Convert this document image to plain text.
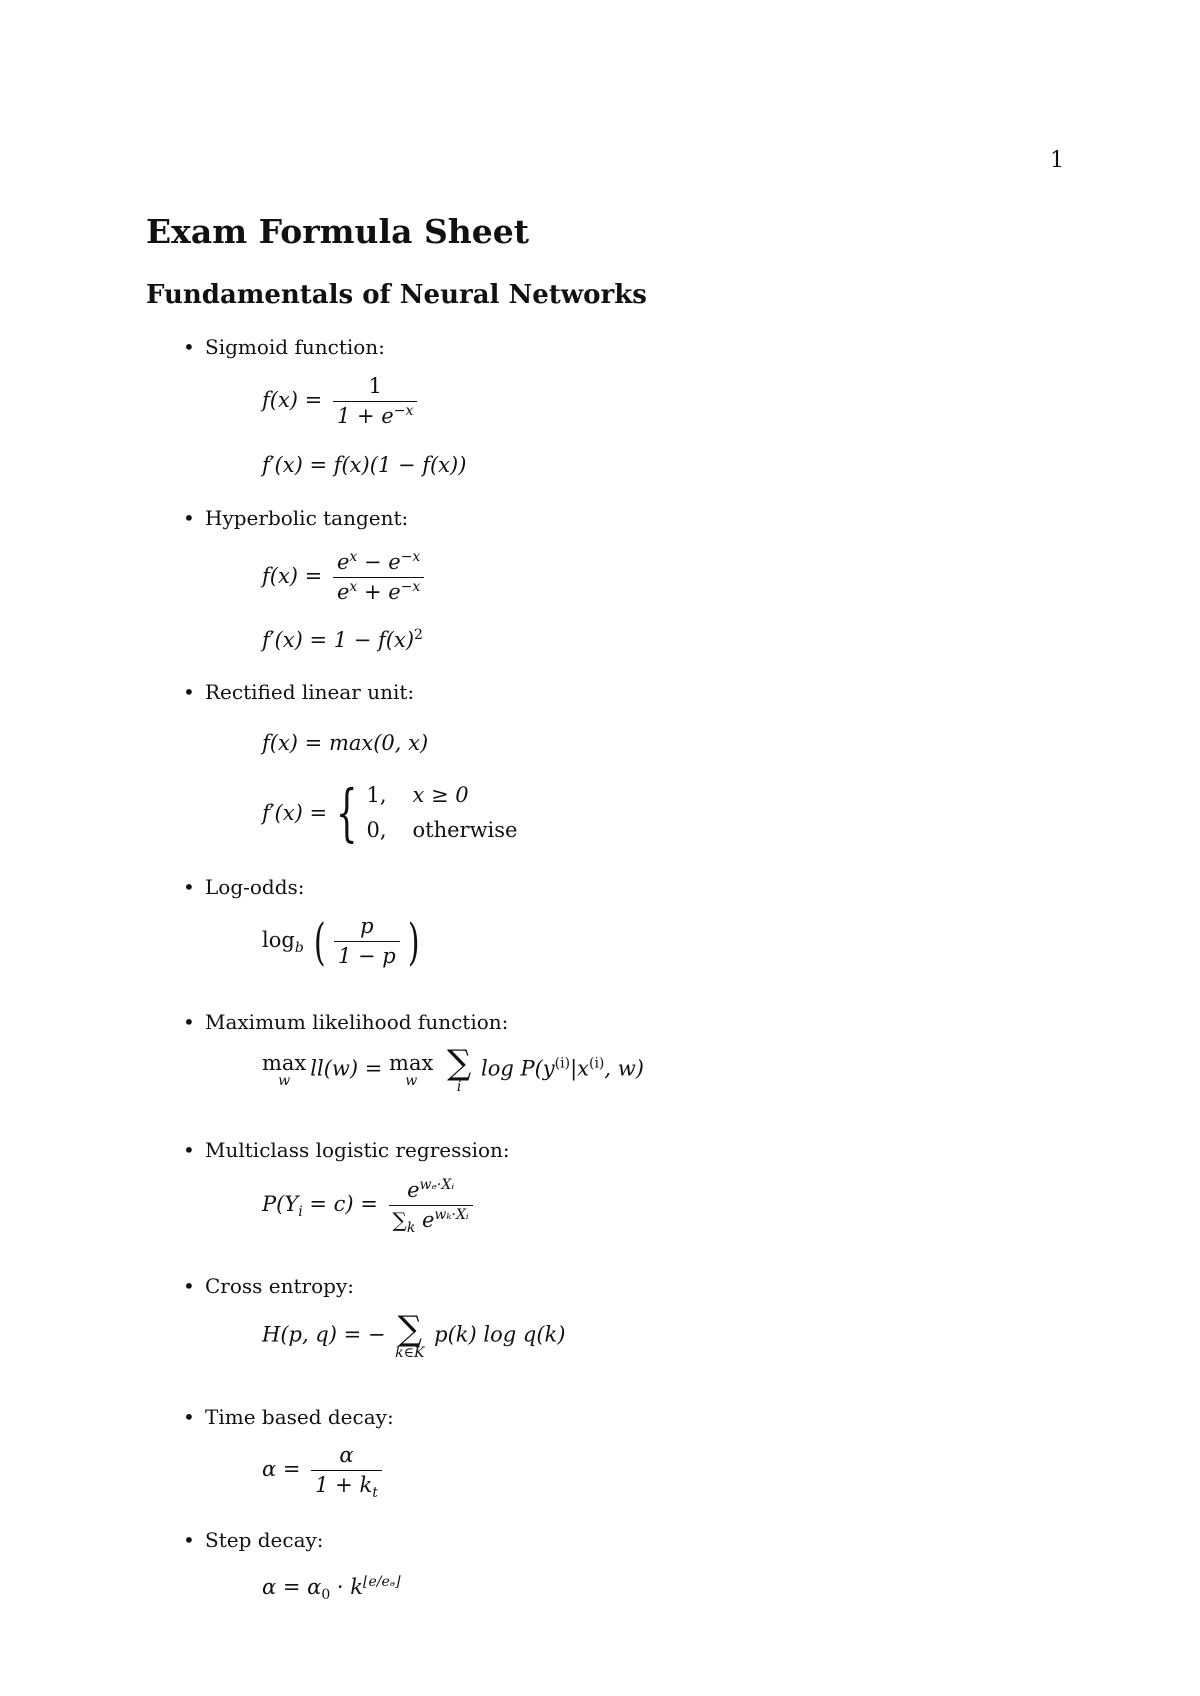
1
Exam Formula Sheet
Fundamentals of Neural Networks
• Sigmoid function:
• Hyperbolic tangent:
• Rectified linear unit:
• Log-odds:
• Maximum likelihood function:
• Multiclass logistic regression:
• Cross entropy:
• Time based decay:
• Step decay:
$f(x) = \frac{1}{1 + e^{-x}}$
f′(x) = f(x)(1 − f(x))
$f(x) = \frac{e^x - e^{-x}}{e^x + e^{-x}}$
$f'(x) = 1 - f(x)^2$
f(x) = max(0, x)
f′(x) = { 1,	x ≥ 0
0,	otherwise
$\log_b$ ( $\frac{p}{1 - p}$ )
max
w ll(w) = max
w
∑
i
$\log P(y^{(i)}|x^{(i)}$, w)
$P(Y_i = c) = \frac{e^{w_e\cdot Xᵢ}}{\sum_k e^{w_k\cdot Xᵢ}}$
H(p, q) = − ∑
k∈K
p(k) log q(k)
$\alpha = \frac{\alpha}{1 + k_t}$
$\alpha = \alpha_0 \cdot k^{⌊e/eₔ⌋}$
